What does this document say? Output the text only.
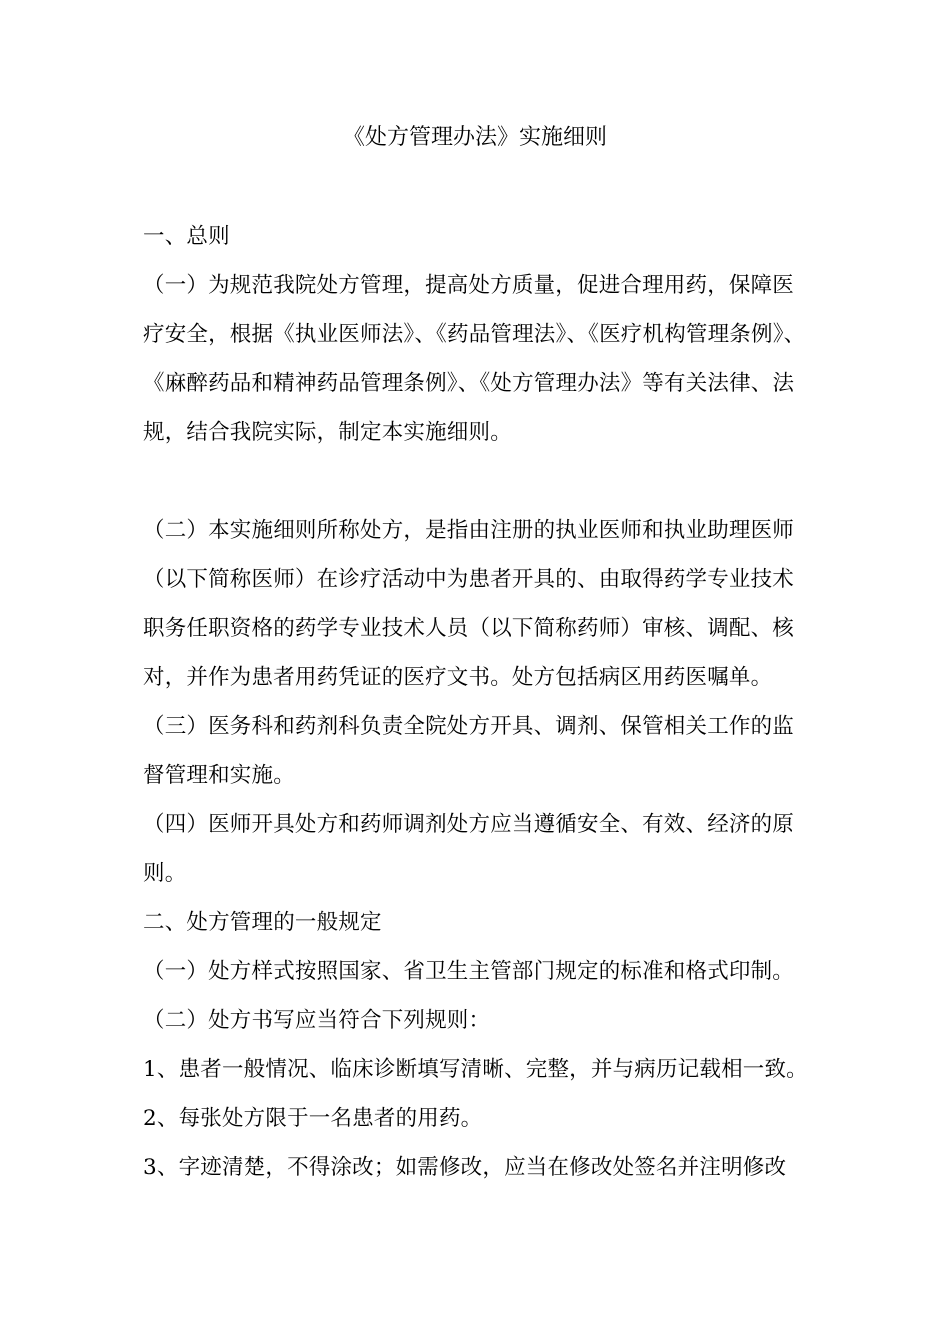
《处方管理办法》实施细则
一、总则
（一）为规范我院处方管理，提高处方质量，促进合理用药，保障医
疗安全，根据《执业医师法》、《药品管理法》、《医疗机构管理条例》、
《麻醉药品和精神药品管理条例》、《处方管理办法》等有关法律、法
规，结合我院实际，制定本实施细则。
（二）本实施细则所称处方，是指由注册的执业医师和执业助理医师
（以下简称医师）在诊疗活动中为患者开具的、由取得药学专业技术
职务任职资格的药学专业技术人员（以下简称药师）审核、调配、核
对，并作为患者用药凭证的医疗文书。处方包括病区用药医嘱单。
（三）医务科和药剂科负责全院处方开具、调剂、保管相关工作的监
督管理和实施。
（四）医师开具处方和药师调剂处方应当遵循安全、有效、经济的原
则。
二、处方管理的一般规定
（一）处方样式按照国家、省卫生主管部门规定的标准和格式印制。
（二）处方书写应当符合下列规则：
1、患者一般情况、临床诊断填写清晰、完整，并与病历记载相一致。
2、每张处方限于一名患者的用药。
3、字迹清楚，不得涂改；如需修改，应当在修改处签名并注明修改
